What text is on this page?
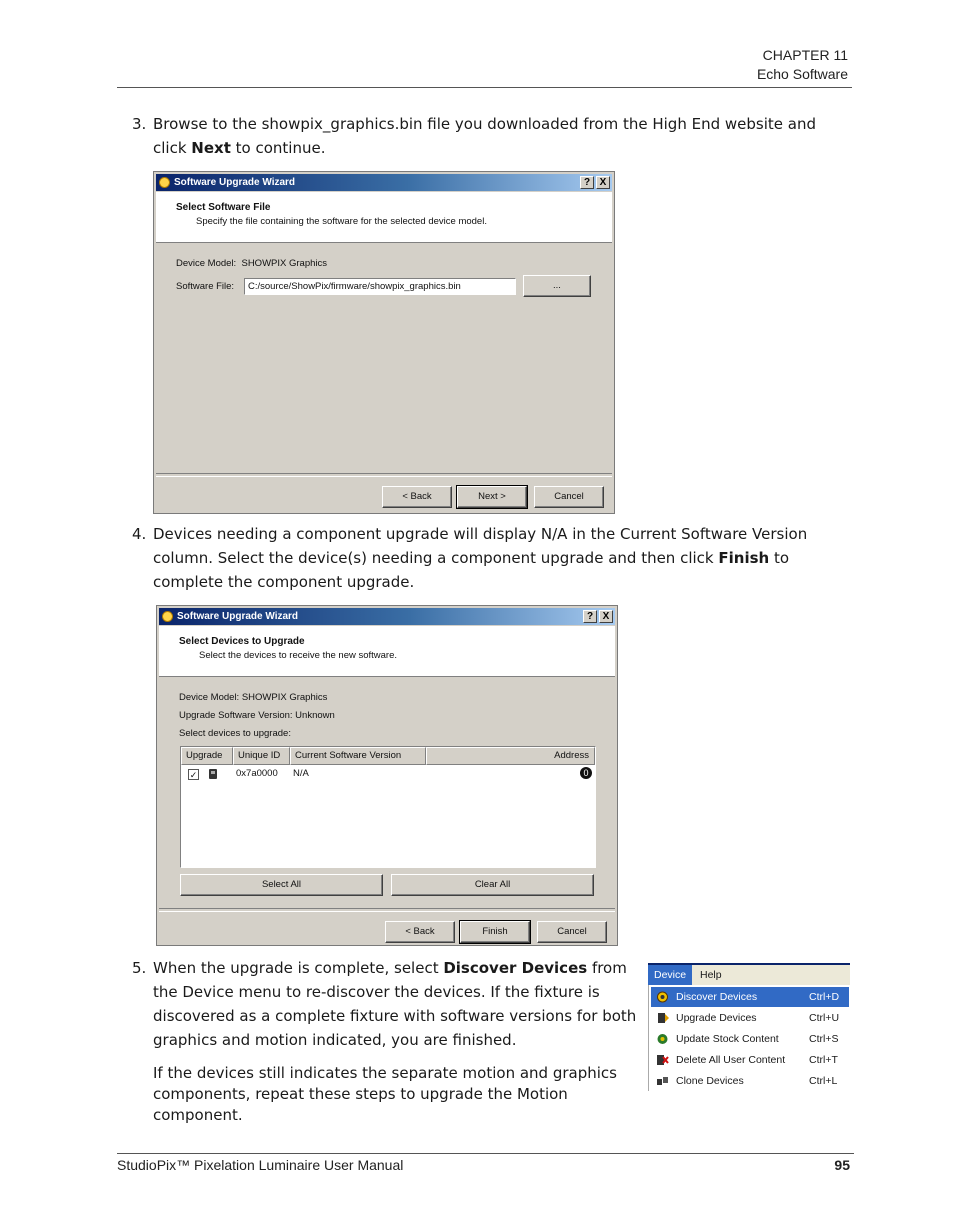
CHAPTER 11
Echo Software
3. Browse to the showpix_graphics.bin file you downloaded from the High End website and
click Next to continue.
Software Upgrade Wizard	? X
Select Software File
Specify the file containing the software for the selected device model.
Device Model: SHOWPIX Graphics
Software File:	C:/source/ShowPix/firmware/showpix_graphics.bin	...
< Back	Next >	Cancel
4. Devices needing a component upgrade will display N/A in the Current Software Version
column. Select the device(s) needing a component upgrade and then click Finish to
complete the component upgrade.
Software Upgrade Wizard	? X
Select Devices to Upgrade
Select the devices to receive the new software.
Device Model: SHOWPIX Graphics
Upgrade Software Version: Unknown
Select devices to upgrade:
Upgrade	Unique ID	Current Software Version	Address
✓	0x7a0000 N/A	0
Select All	Clear All
< Back	Finish	Cancel
5. When the upgrade is complete, select Discover Devices from
the Device menu to re-discover the devices. If the fixture is
discovered as a complete fixture with software versions for both
graphics and motion indicated, you are finished.
If the devices still indicates the separate motion and graphics
components, repeat these steps to upgrade the Motion
component.
Device	Help
Discover Devices	Ctrl+D
Upgrade Devices	Ctrl+U
Update Stock Content	Ctrl+S
Delete All User Content Ctrl+T
Clone Devices	Ctrl+L
StudioPix™ Pixelation Luminaire User Manual	95
